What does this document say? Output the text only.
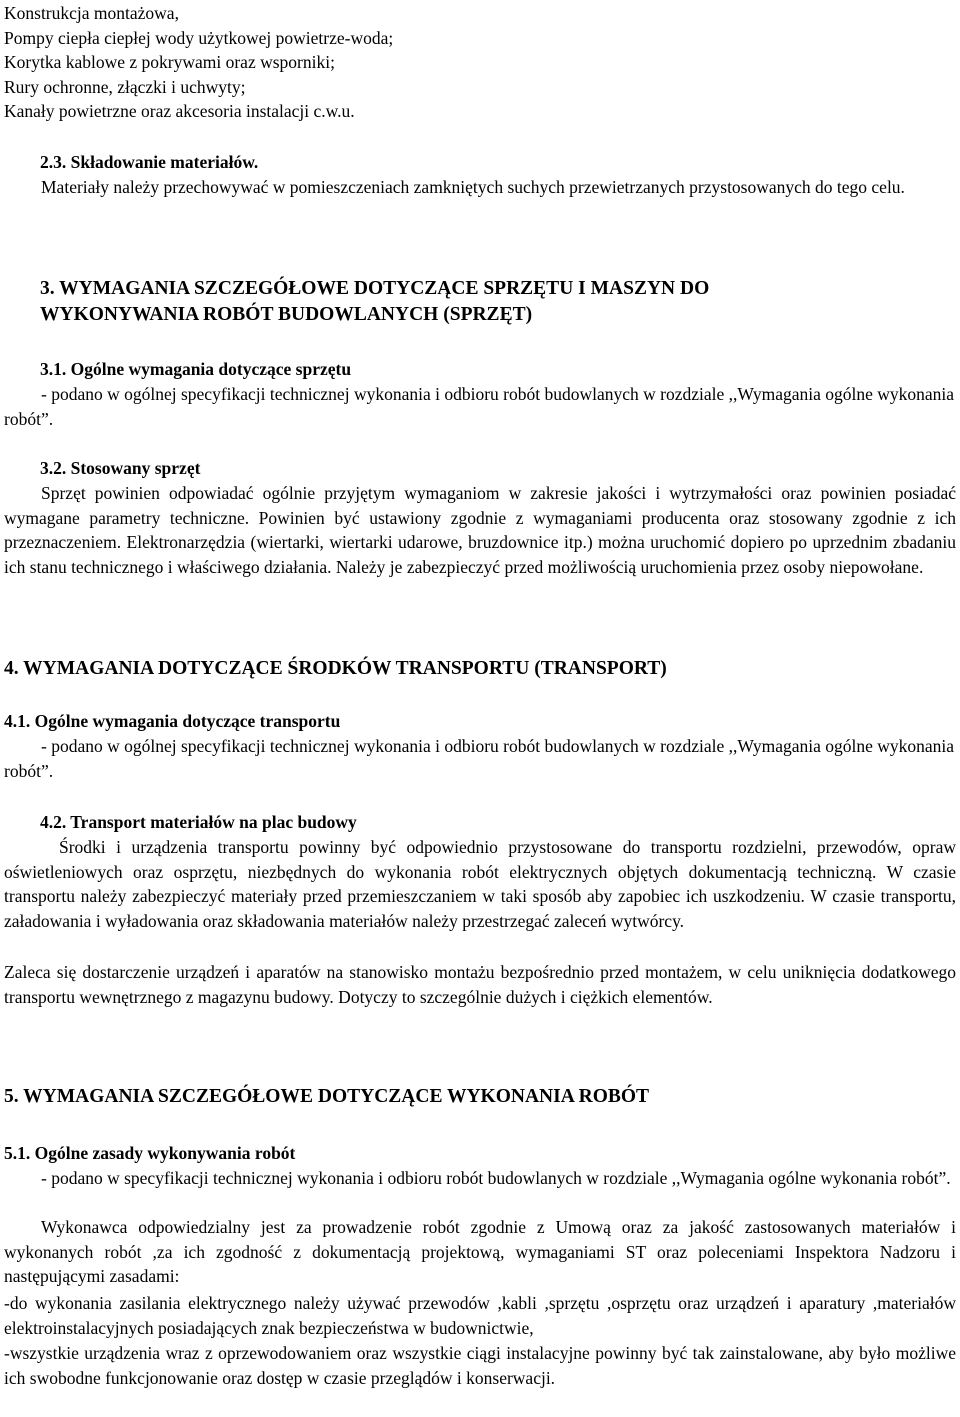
Konstrukcja montażowa,
Pompy ciepła ciepłej wody użytkowej powietrze-woda;
Korytka kablowe z pokrywami oraz wsporniki;
Rury ochronne, złączki i uchwyty;
Kanały powietrzne oraz akcesoria instalacji c.w.u.
2.3. Składowanie materiałów.

Materiały należy przechowywać w pomieszczeniach zamkniętych suchych przewietrzanych przystosowanych do tego celu.

3. WYMAGANIA SZCZEGÓŁOWE DOTYCZĄCE SPRZĘTU I MASZYN DO
WYKONYWANIA ROBÓT BUDOWLANYCH (SPRZĘT)
3.1. Ogólne wymagania dotyczące sprzętu

- podano w ogólnej specyfikacji technicznej wykonania i odbioru robót budowlanych w rozdziale ,,Wymagania ogólne wykonania robót”.

3.2. Stosowany sprzęt

Sprzęt powinien odpowiadać ogólnie przyjętym wymaganiom w zakresie jakości i wytrzymałości oraz powinien posiadać wymagane parametry techniczne. Powinien być ustawiony zgodnie z wymaganiami producenta oraz stosowany zgodnie z ich przeznaczeniem. Elektronarzędzia (wiertarki, wiertarki udarowe, bruzdownice itp.) można uruchomić dopiero po uprzednim zbadaniu ich stanu technicznego i właściwego działania. Należy je zabezpieczyć przed możliwością uruchomienia przez osoby niepowołane.

4. WYMAGANIA DOTYCZĄCE ŚRODKÓW TRANSPORTU (TRANSPORT)
4.1. Ogólne wymagania dotyczące transportu

- podano w ogólnej specyfikacji technicznej wykonania i odbioru robót budowlanych w rozdziale ,,Wymagania ogólne wykonania robót”.

4.2. Transport materiałów na plac budowy

Środki i urządzenia transportu powinny być odpowiednio przystosowane do transportu rozdzielni, przewodów, opraw oświetleniowych oraz osprzętu, niezbędnych do wykonania robót elektrycznych objętych dokumentacją techniczną. W czasie transportu należy zabezpieczyć materiały przed przemieszczaniem w taki sposób aby zapobiec ich uszkodzeniu. W czasie transportu, załadowania i wyładowania oraz składowania materiałów należy przestrzegać zaleceń wytwórcy.

Zaleca się dostarczenie urządzeń i aparatów na stanowisko montażu bezpośrednio przed montażem, w celu uniknięcia dodatkowego transportu wewnętrznego z magazynu budowy. Dotyczy to szczególnie dużych i ciężkich elementów.

5. WYMAGANIA SZCZEGÓŁOWE DOTYCZĄCE WYKONANIA ROBÓT
5.1. Ogólne zasady wykonywania robót

- podano w specyfikacji technicznej wykonania i odbioru robót budowlanych w rozdziale ,,Wymagania ogólne wykonania robót”.

Wykonawca odpowiedzialny jest za prowadzenie robót zgodnie z Umową oraz za jakość zastosowanych materiałów i wykonanych robót ,za ich zgodność z dokumentacją projektową, wymaganiami ST oraz poleceniami Inspektora Nadzoru i następującymi zasadami:

-do wykonania zasilania elektrycznego należy używać przewodów ,kabli ,sprzętu ,osprzętu oraz urządzeń i aparatury ,materiałów elektroinstalacyjnych posiadających znak bezpieczeństwa w budownictwie,

-wszystkie urządzenia wraz z oprzewodowaniem oraz wszystkie ciągi instalacyjne powinny być tak zainstalowane, aby było możliwe ich swobodne funkcjonowanie oraz dostęp w czasie przeglądów i konserwacji.
